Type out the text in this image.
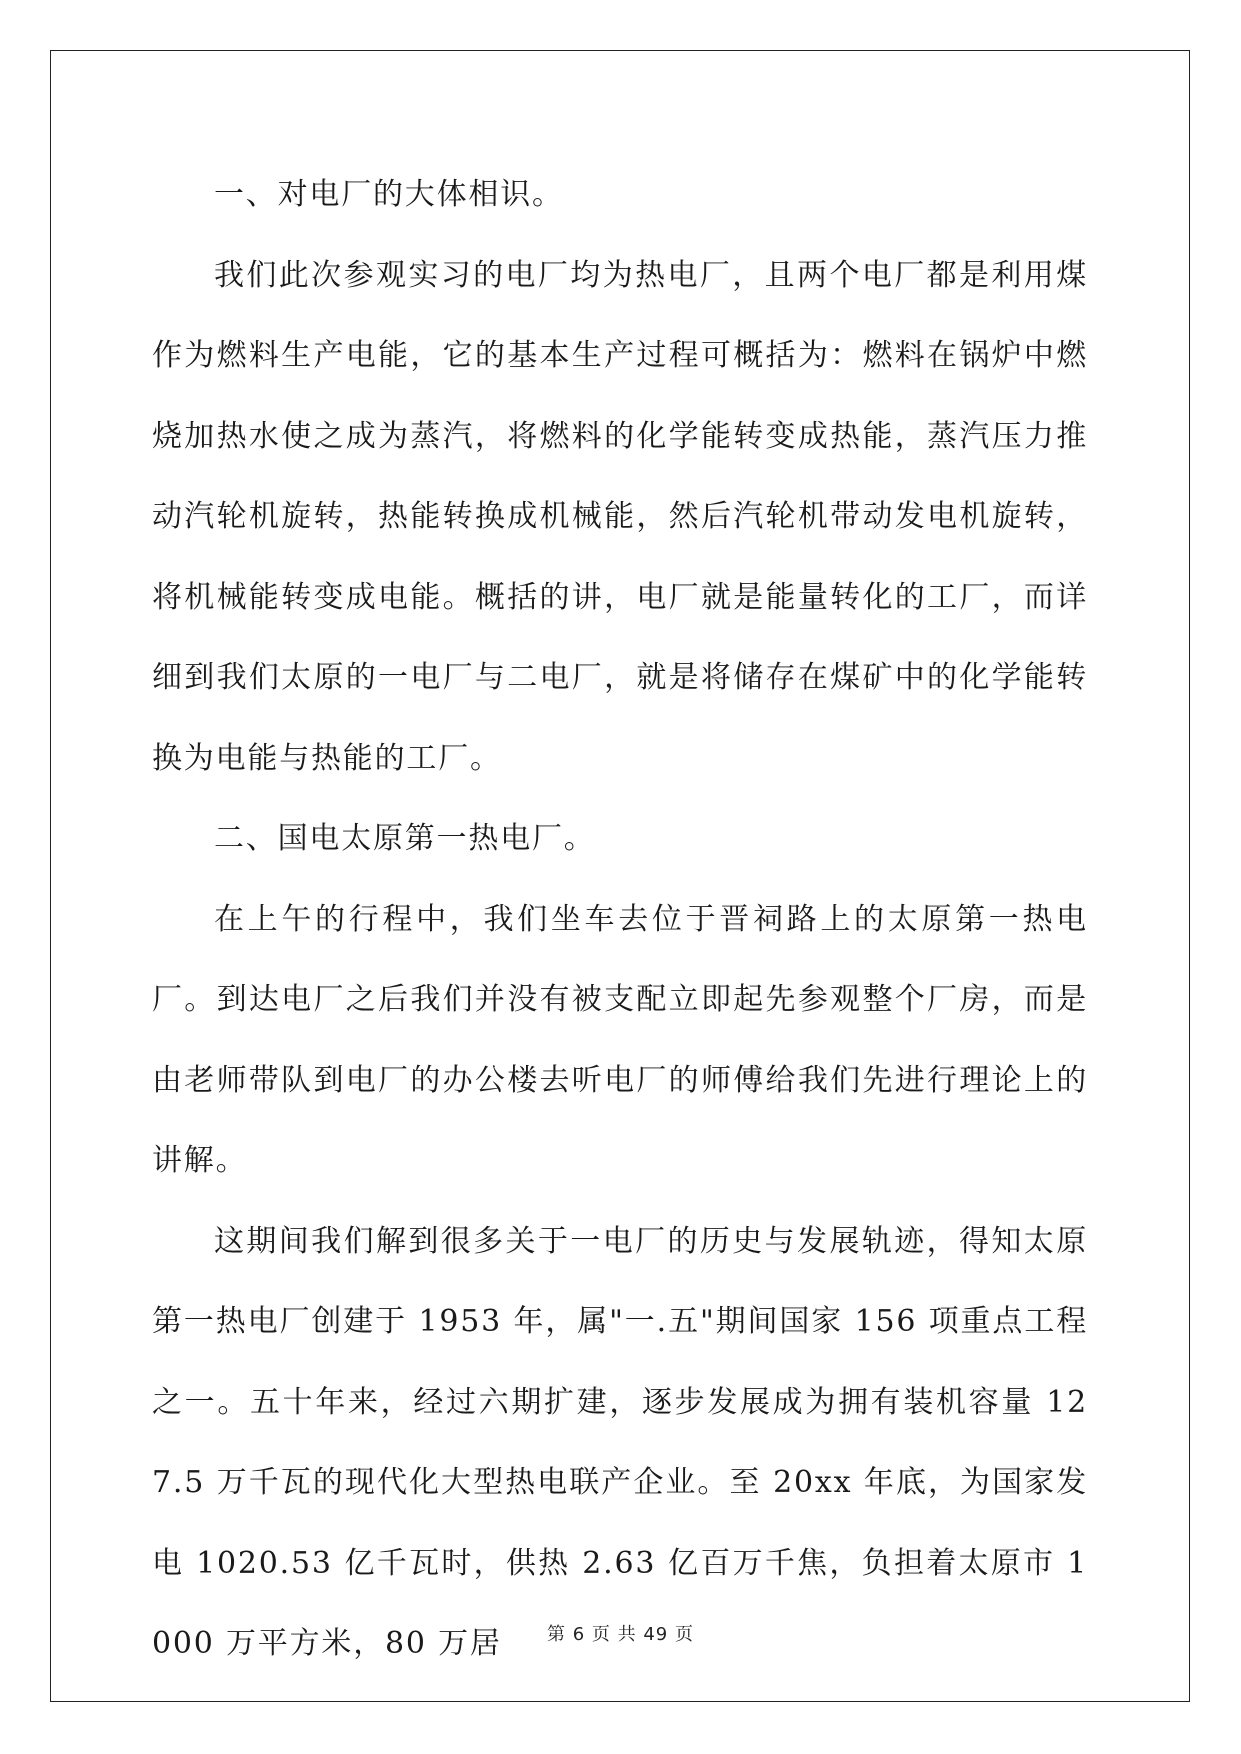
一、对电厂的大体相识。

我们此次参观实习的电厂均为热电厂，且两个电厂都是利用煤作为燃料生产电能，它的基本生产过程可概括为：燃料在锅炉中燃烧加热水使之成为蒸汽，将燃料的化学能转变成热能，蒸汽压力推动汽轮机旋转，热能转换成机械能，然后汽轮机带动发电机旋转，将机械能转变成电能。概括的讲，电厂就是能量转化的工厂，而详细到我们太原的一电厂与二电厂，就是将储存在煤矿中的化学能转换为电能与热能的工厂。

二、国电太原第一热电厂。

在上午的行程中，我们坐车去位于晋祠路上的太原第一热电厂。到达电厂之后我们并没有被支配立即起先参观整个厂房，而是由老师带队到电厂的办公楼去听电厂的师傅给我们先进行理论上的讲解。

这期间我们解到很多关于一电厂的历史与发展轨迹，得知太原第一热电厂创建于 1953 年，属"一.五"期间国家 156 项重点工程之一。五十年来，经过六期扩建，逐步发展成为拥有装机容量 127.5 万千瓦的现代化大型热电联产企业。至 20xx 年底，为国家发电 1020.53 亿千瓦时，供热 2.63 亿百万千焦，负担着太原市 1000 万平方米，80 万居	第 6 页 共 49 页
